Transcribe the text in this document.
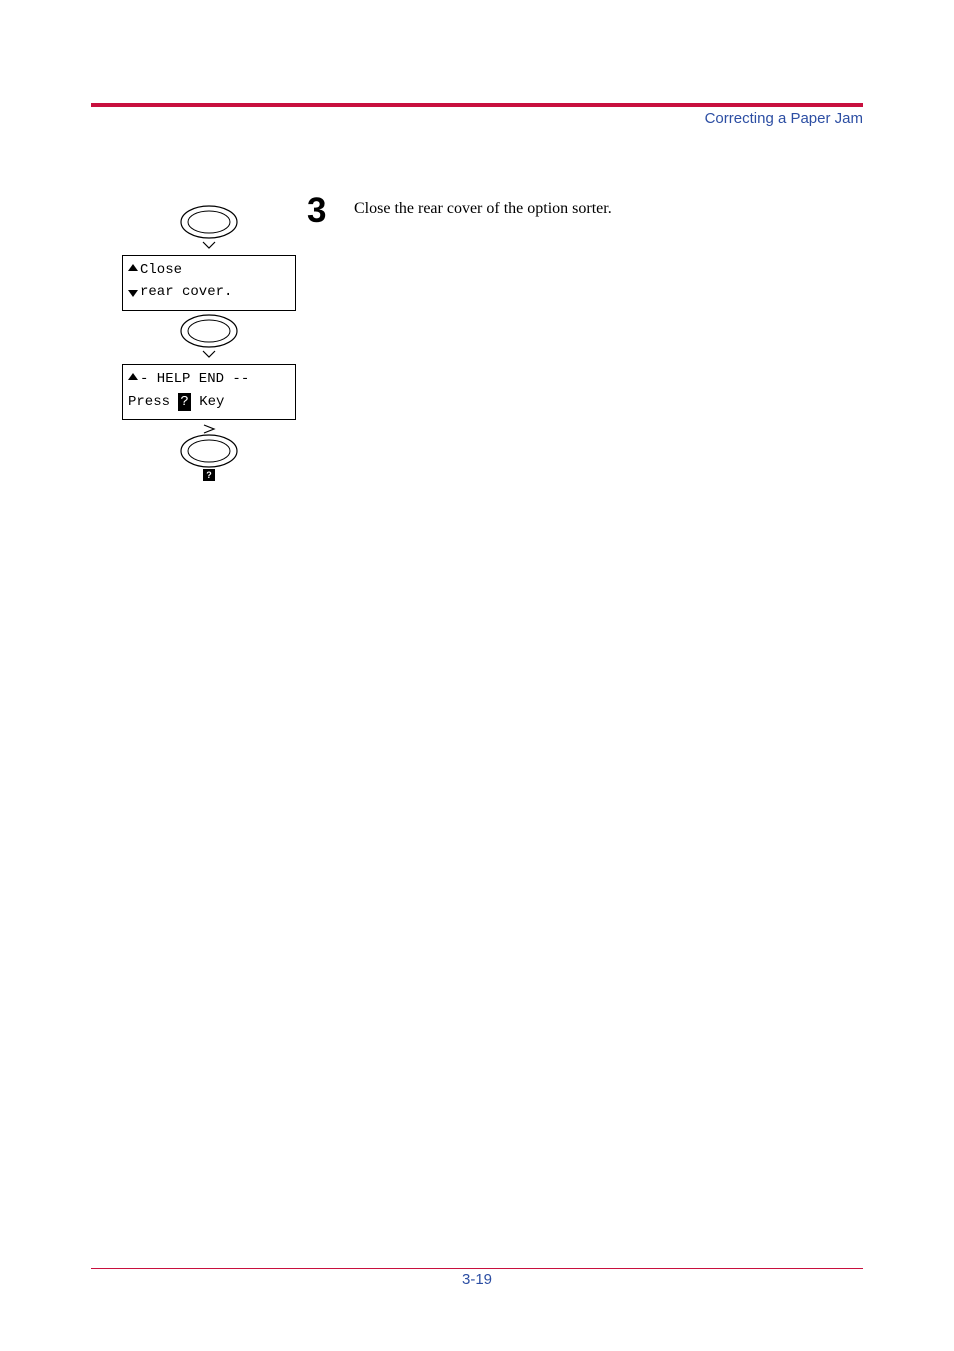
Correcting a Paper Jam
3 Close the rear cover of the option sorter.
Close
rear cover.
- HELP END --
Press ? Key
?
3-19
